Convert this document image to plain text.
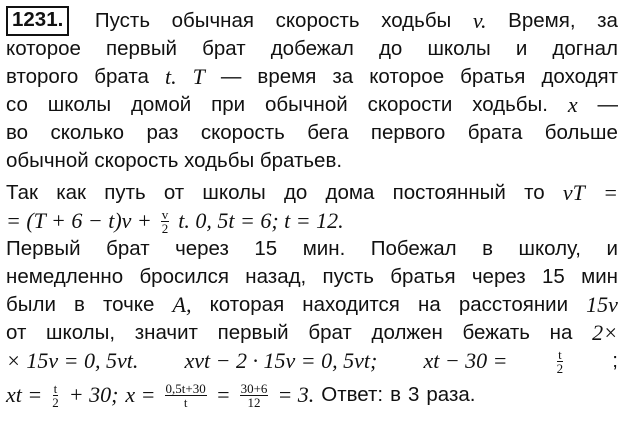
1231. Пусть обычная скорость ходьбы v. Время, за
которое первый брат добежал до школы и догнал
второго брата t. T — время за которое братья доходят
со школы домой при обычной скорости ходьбы. x —
во сколько раз скорость бега первого брата больше
обычной скорость ходьбы братьев.
Так как путь от школы до дома постоянный то vT =
= $(T + 6 - t)v + \frac{v}{2} t$. 0, 5t = 6; t = 12.
Первый брат через 15 мин. Побежал в школу, и
немедленно бросился назад, пусть братья через 15 мин
были в точке A, которая находится на расстоянии 15v
от школы, значит первый брат должен бежать на 2×
× 15v = 0, 5vt. xvt − 2 · 15v = 0, 5vt; xt − 30 =	$\frac{t}{2}$ ;
xt = $\frac{t}{2} + 30$; $x = \frac{0,5t+30}{t} = \frac{30+6}{12} = 3$. Ответ: в 3 раза.
